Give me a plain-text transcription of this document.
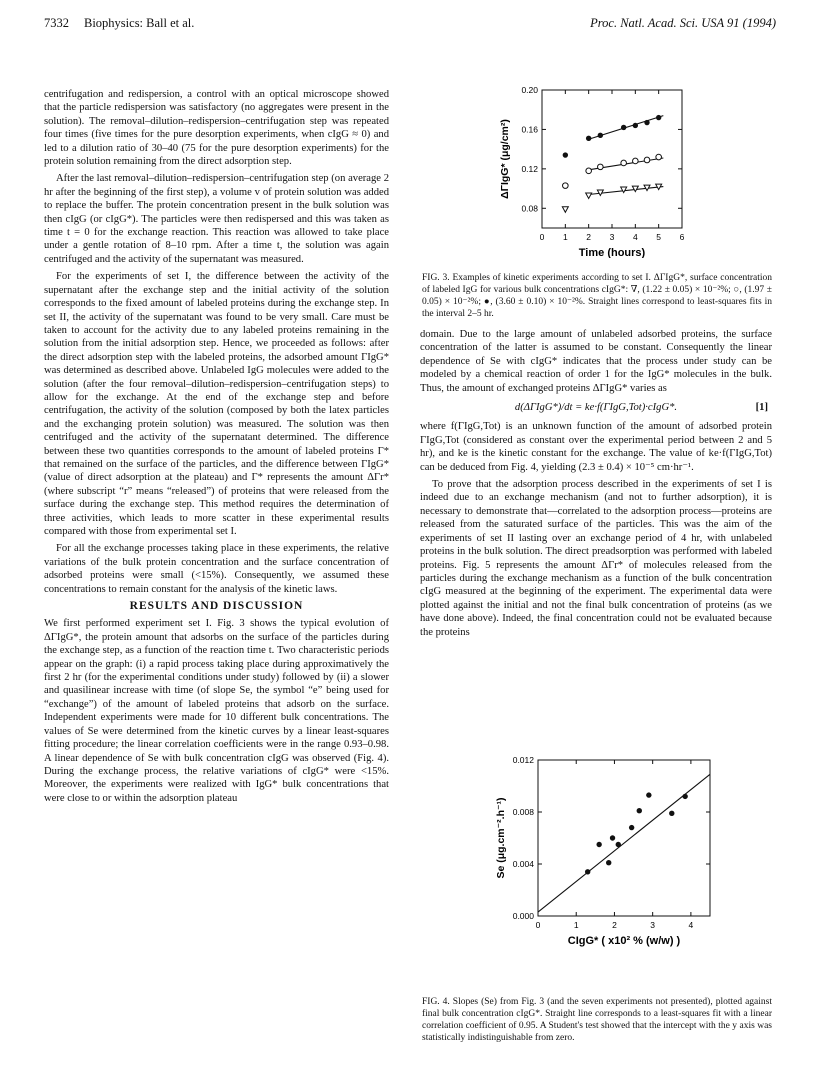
7332 Biophysics: Ball et al.	Proc. Natl. Acad. Sci. USA 91 (1994)

centrifugation and redispersion, a control with an optical microscope showed that the particle redispersion was satisfactory (no aggregates were present in the solution). The removal–dilution–redispersion–centrifugation step was repeated four times (five times for the pure desorption experiments, when cIgG ≈ 0) and led to a dilution ratio of 30–40 (75 for the pure desorption experiments) for the protein solution remaining from the direct adsorption step.

After the last removal–dilution–redispersion–centrifugation step (on average 2 hr after the beginning of the first step), a volume v of protein solution was added to replace the buffer. The protein concentration present in the bulk solution was then cIgG (or cIgG*). The particles were then redispersed and this was taken as time t = 0 for the exchange reaction. This reaction was allowed to take place under a gentle rotation of 8–10 rpm. After a time t, the solution was again centrifuged and the activity of the supernatant was measured.

For the experiments of set I, the difference between the activity of the supernatant after the exchange step and the initial activity of the solution corresponds to the fixed amount of labeled proteins during the exchange step. In set II, the activity of the supernatant was found to be very small. Care must be taken to account for the activity due to any labeled proteins remaining in the solution from the initial adsorption step. Hence, we proceeded as follows: after the direct adsorption step with the labeled proteins, the adsorbed amount ΓIgG* was determined as described above. Unlabeled IgG molecules were added to the solution (after the four removal–dilution–redispersion–centrifugation steps) to allow for the exchange. At the end of the exchange step and before centrifugation, the activity of the solution (composed by both the latex particles and the exchanging protein solution) was measured. The solution was then centrifuged and the activity of the supernatant determined. The difference between these two quantities corresponds to the amount of labeled proteins Γ* that remained on the surface of the particles, and the difference between ΓIgG* (value of direct adsorption at the plateau) and Γ* represents the amount ΔΓr* (where subscript “r” means “released”) of proteins that were released from the surface during the exchange step. This method requires the determination of three activities, which leads to more scatter in these experimental results compared with those from experimental set I.

For all the exchange processes taking place in these experiments, the relative variations of the bulk protein concentration and the surface concentration of adsorbed proteins were small (<15%). Consequently, we assumed these concentrations to remain constant for the analysis of the kinetic laws.

RESULTS AND DISCUSSION

We first performed experiment set I. Fig. 3 shows the typical evolution of ΔΓIgG*, the protein amount that adsorbs on the surface of the particles during the exchange step, as a function of the reaction time t. Two characteristic periods appear on the graph: (i) a rapid process taking place during approximatively the first 2 hr (for the experimental conditions under study) followed by (ii) a slower and quasilinear increase with time (of slope Se, the symbol “e” being used for “exchange”) of the amount of labeled proteins that adsorb on the surface. Independent experiments were made for 10 different bulk concentrations. The values of Se were determined from the kinetic curves by a linear least-squares fitting procedure; the linear correlation coefficients were in the range 0.93–0.98. A linear dependence of Se with bulk concentration cIgG was observed (Fig. 4). During the exchange process, the relative variations of cIgG* were <15%. Moreover, the experiments were realized with IgG* bulk concentrations that were close to or within the adsorption plateau

0 1 2 3 4 5 6
0.08
0.12
0.16
0.20
Time (hours)
ΔΓIgG* (μg/cm²)
FIG. 3. Examples of kinetic experiments according to set I. ΔΓIgG*, surface concentration of labeled IgG for various bulk concentrations cIgG*: ∇, (1.22 ± 0.05) × 10⁻²%; ○, (1.97 ± 0.05) × 10⁻²%; ●, (3.60 ± 0.10) × 10⁻²%. Straight lines correspond to least-squares fits in the interval 2–5 hr.

domain. Due to the large amount of unlabeled adsorbed proteins, the surface concentration of the latter is assumed to be constant. Consequently the linear dependence of Se with cIgG* indicates that the process under study can be modeled by a chemical reaction of order 1 for the IgG* molecules in the bulk. Thus, the amount of exchanged proteins ΔΓIgG* varies as

d(ΔΓIgG*)/dt = ke·f(ΓIgG,Tot)·cIgG*.	[1]

where f(ΓIgG,Tot) is an unknown function of the amount of adsorbed protein ΓIgG,Tot (considered as constant over the experimental period between 2 and 5 hr), and ke is the kinetic constant for the exchange. The value of ke·f(ΓIgG,Tot) can be deduced from Fig. 4, yielding (2.3 ± 0.4) × 10⁻⁵ cm·hr⁻¹.

To prove that the adsorption process described in the experiments of set I is indeed due to an exchange mechanism (and not to further adsorption), it is necessary to demonstrate that—correlated to the adsorption process—proteins are released from the saturated surface of the particles. This was the aim of the experiments of set II lasting over an exchange period of 4 hr, with unlabeled proteins in the bulk solution. The direct preadsorption was performed with labeled proteins. Fig. 5 represents the amount ΔΓr* of molecules released from the particles during the exchange mechanism as a function of the bulk concentration cIgG measured at the beginning of the experiment. The experimental data were plotted against the initial and not the final bulk concentration of proteins (as we have done above). Indeed, the final concentration could not be evaluated because the proteins

0	1	2	3	4
0.000
0.004
0.008
0.012
CIgG* ( x10² % (w/w) )
Se (μg.cm⁻².h⁻¹)
FIG. 4. Slopes (Se) from Fig. 3 (and the seven experiments not presented), plotted against final bulk concentration cIgG*. Straight line corresponds to a least-squares fit with a linear correlation coefficient of 0.95. A Student's test showed that the intercept with the y axis was statistically indistinguishable from zero.
